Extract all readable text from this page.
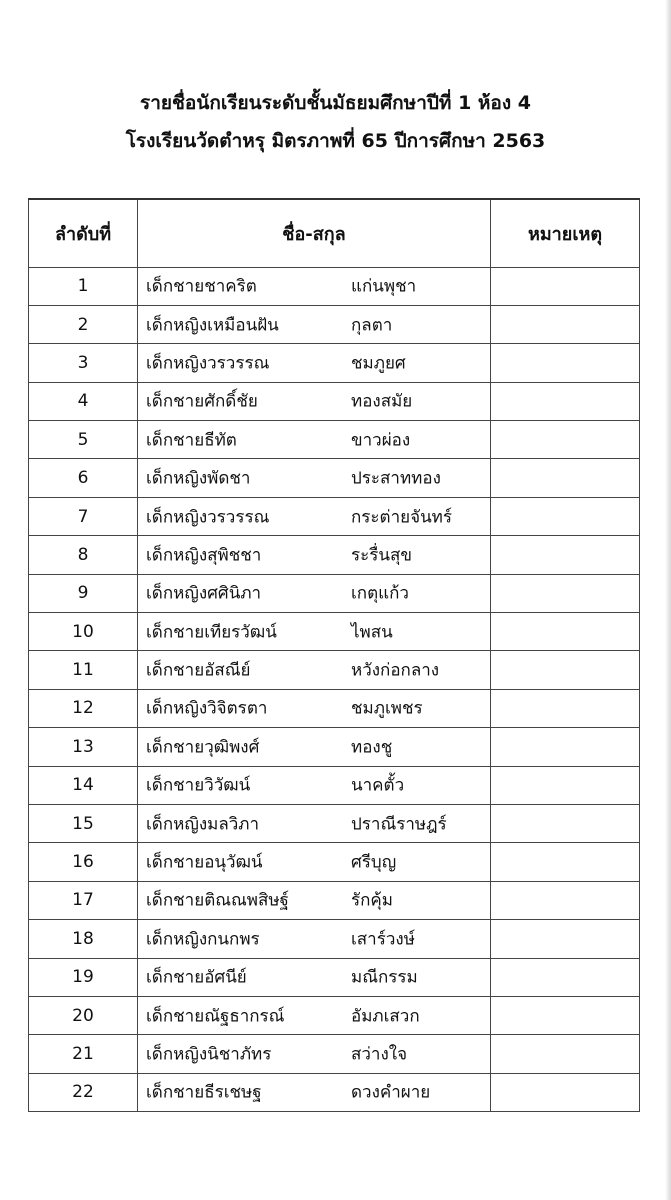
รายชื่อนักเรียนระดับชั้นมัธยมศึกษาปีที่ 1 ห้อง 4
โรงเรียนวัดตำหรุ มิตรภาพที่ 65 ปีการศึกษา 2563
ลำดับที่	ชื่อ-สกุล	หมายเหตุ
1	เด็กชายชาคริต แก่นพุชา	

2	เด็กหญิงเหมือนฝัน กุลตา	

3	เด็กหญิงวรวรรณ ชมภูยศ	

4	เด็กชายศักดิ์ชัย ทองสมัย	

5	เด็กชายธีทัต ขาวผ่อง	

6	เด็กหญิงพัดชา ประสาททอง	

7	เด็กหญิงวรวรรณ กระต่ายจันทร์	

8	เด็กหญิงสุพิชชา ระรื่นสุข	

9	เด็กหญิงศศินิภา เกตุแก้ว	

10	เด็กชายเทียรวัฒน์ ไพสน	

11	เด็กชายอัสณีย์ หวังก่อกลาง	

12	เด็กหญิงวิจิตรตา ชมภูเพชร	

13	เด็กชายวุฒิพงศ์ ทองชู	

14	เด็กชายวิวัฒน์ นาคตั้ว	

15	เด็กหญิงมลวิภา ปราณีราษฎร์	

16	เด็กชายอนุวัฒน์ ศรีบุญ	

17	เด็กชายติณณพสิษฐ์ รักคุ้ม	

18	เด็กหญิงกนกพร เสาร์วงษ์	

19	เด็กชายอัศนีย์ มณีกรรม	

20	เด็กชายณัฐธากรณ์ อัมภเสวก	

21	เด็กหญิงนิชาภัทร สว่างใจ	

22	เด็กชายธีรเชษฐ ดวงคำผาย	
